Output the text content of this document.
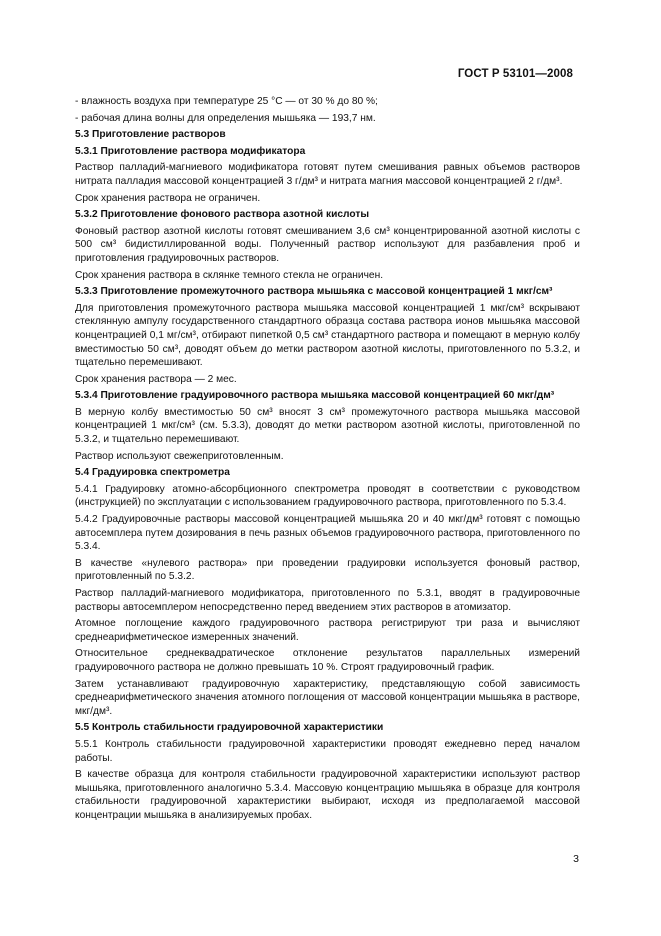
ГОСТ Р 53101—2008
- влажность воздуха при температуре 25 °C — от 30 % до 80 %;
- рабочая длина волны для определения мышьяка — 193,7 нм.
5.3 Приготовление растворов
5.3.1 Приготовление раствора модификатора
Раствор палладий-магниевого модификатора готовят путем смешивания равных объемов растворов нитрата палладия массовой концентрацией 3 г/дм³ и нитрата магния массовой концентрацией 2 г/дм³.
Срок хранения раствора не ограничен.
5.3.2 Приготовление фонового раствора азотной кислоты
Фоновый раствор азотной кислоты готовят смешиванием 3,6 см³ концентрированной азотной кислоты с 500 см³ бидистиллированной воды. Полученный раствор используют для разбавления проб и приготовления градуировочных растворов.
Срок хранения раствора в склянке темного стекла не ограничен.
5.3.3 Приготовление промежуточного раствора мышьяка с массовой концентрацией 1 мкг/см³
Для приготовления промежуточного раствора мышьяка массовой концентрацией 1 мкг/см³ вскрывают стеклянную ампулу государственного стандартного образца состава раствора ионов мышьяка массовой концентрацией 0,1 мг/см³, отбирают пипеткой 0,5 см³ стандартного раствора и помещают в мерную колбу вместимостью 50 см³, доводят объем до метки раствором азотной кислоты, приготовленного по 5.3.2, и тщательно перемешивают.
Срок хранения раствора — 2 мес.
5.3.4 Приготовление градуировочного раствора мышьяка массовой концентрацией 60 мкг/дм³
В мерную колбу вместимостью 50 см³ вносят 3 см³ промежуточного раствора мышьяка массовой концентрацией 1 мкг/см³ (см. 5.3.3), доводят до метки раствором азотной кислоты, приготовленной по 5.3.2, и тщательно перемешивают.
Раствор используют свежеприготовленным.
5.4 Градуировка спектрометра
5.4.1 Градуировку атомно-абсорбционного спектрометра проводят в соответствии с руководством (инструкцией) по эксплуатации с использованием градуировочного раствора, приготовленного по 5.3.4.
5.4.2 Градуировочные растворы массовой концентрацией мышьяка 20 и 40 мкг/дм³ готовят с помощью автосемплера путем дозирования в печь разных объемов градуировочного раствора, приготовленного по 5.3.4.
В качестве «нулевого раствора» при проведении градуировки используется фоновый раствор, приготовленный по 5.3.2.
Раствор палладий-магниевого модификатора, приготовленного по 5.3.1, вводят в градуировочные растворы автосемплером непосредственно перед введением этих растворов в атомизатор.
Атомное поглощение каждого градуировочного раствора регистрируют три раза и вычисляют среднеарифметическое измеренных значений.
Относительное среднеквадратическое отклонение результатов параллельных измерений градуировочного раствора не должно превышать 10 %. Строят градуировочный график.
Затем устанавливают градуировочную характеристику, представляющую собой зависимость среднеарифметического значения атомного поглощения от массовой концентрации мышьяка в растворе, мкг/дм³.
5.5 Контроль стабильности градуировочной характеристики
5.5.1 Контроль стабильности градуировочной характеристики проводят ежедневно перед началом работы.
В качестве образца для контроля стабильности градуировочной характеристики используют раствор мышьяка, приготовленного аналогично 5.3.4. Массовую концентрацию мышьяка в образце для контроля стабильности градуировочной характеристики выбирают, исходя из предполагаемой массовой концентрации мышьяка в анализируемых пробах.
3
